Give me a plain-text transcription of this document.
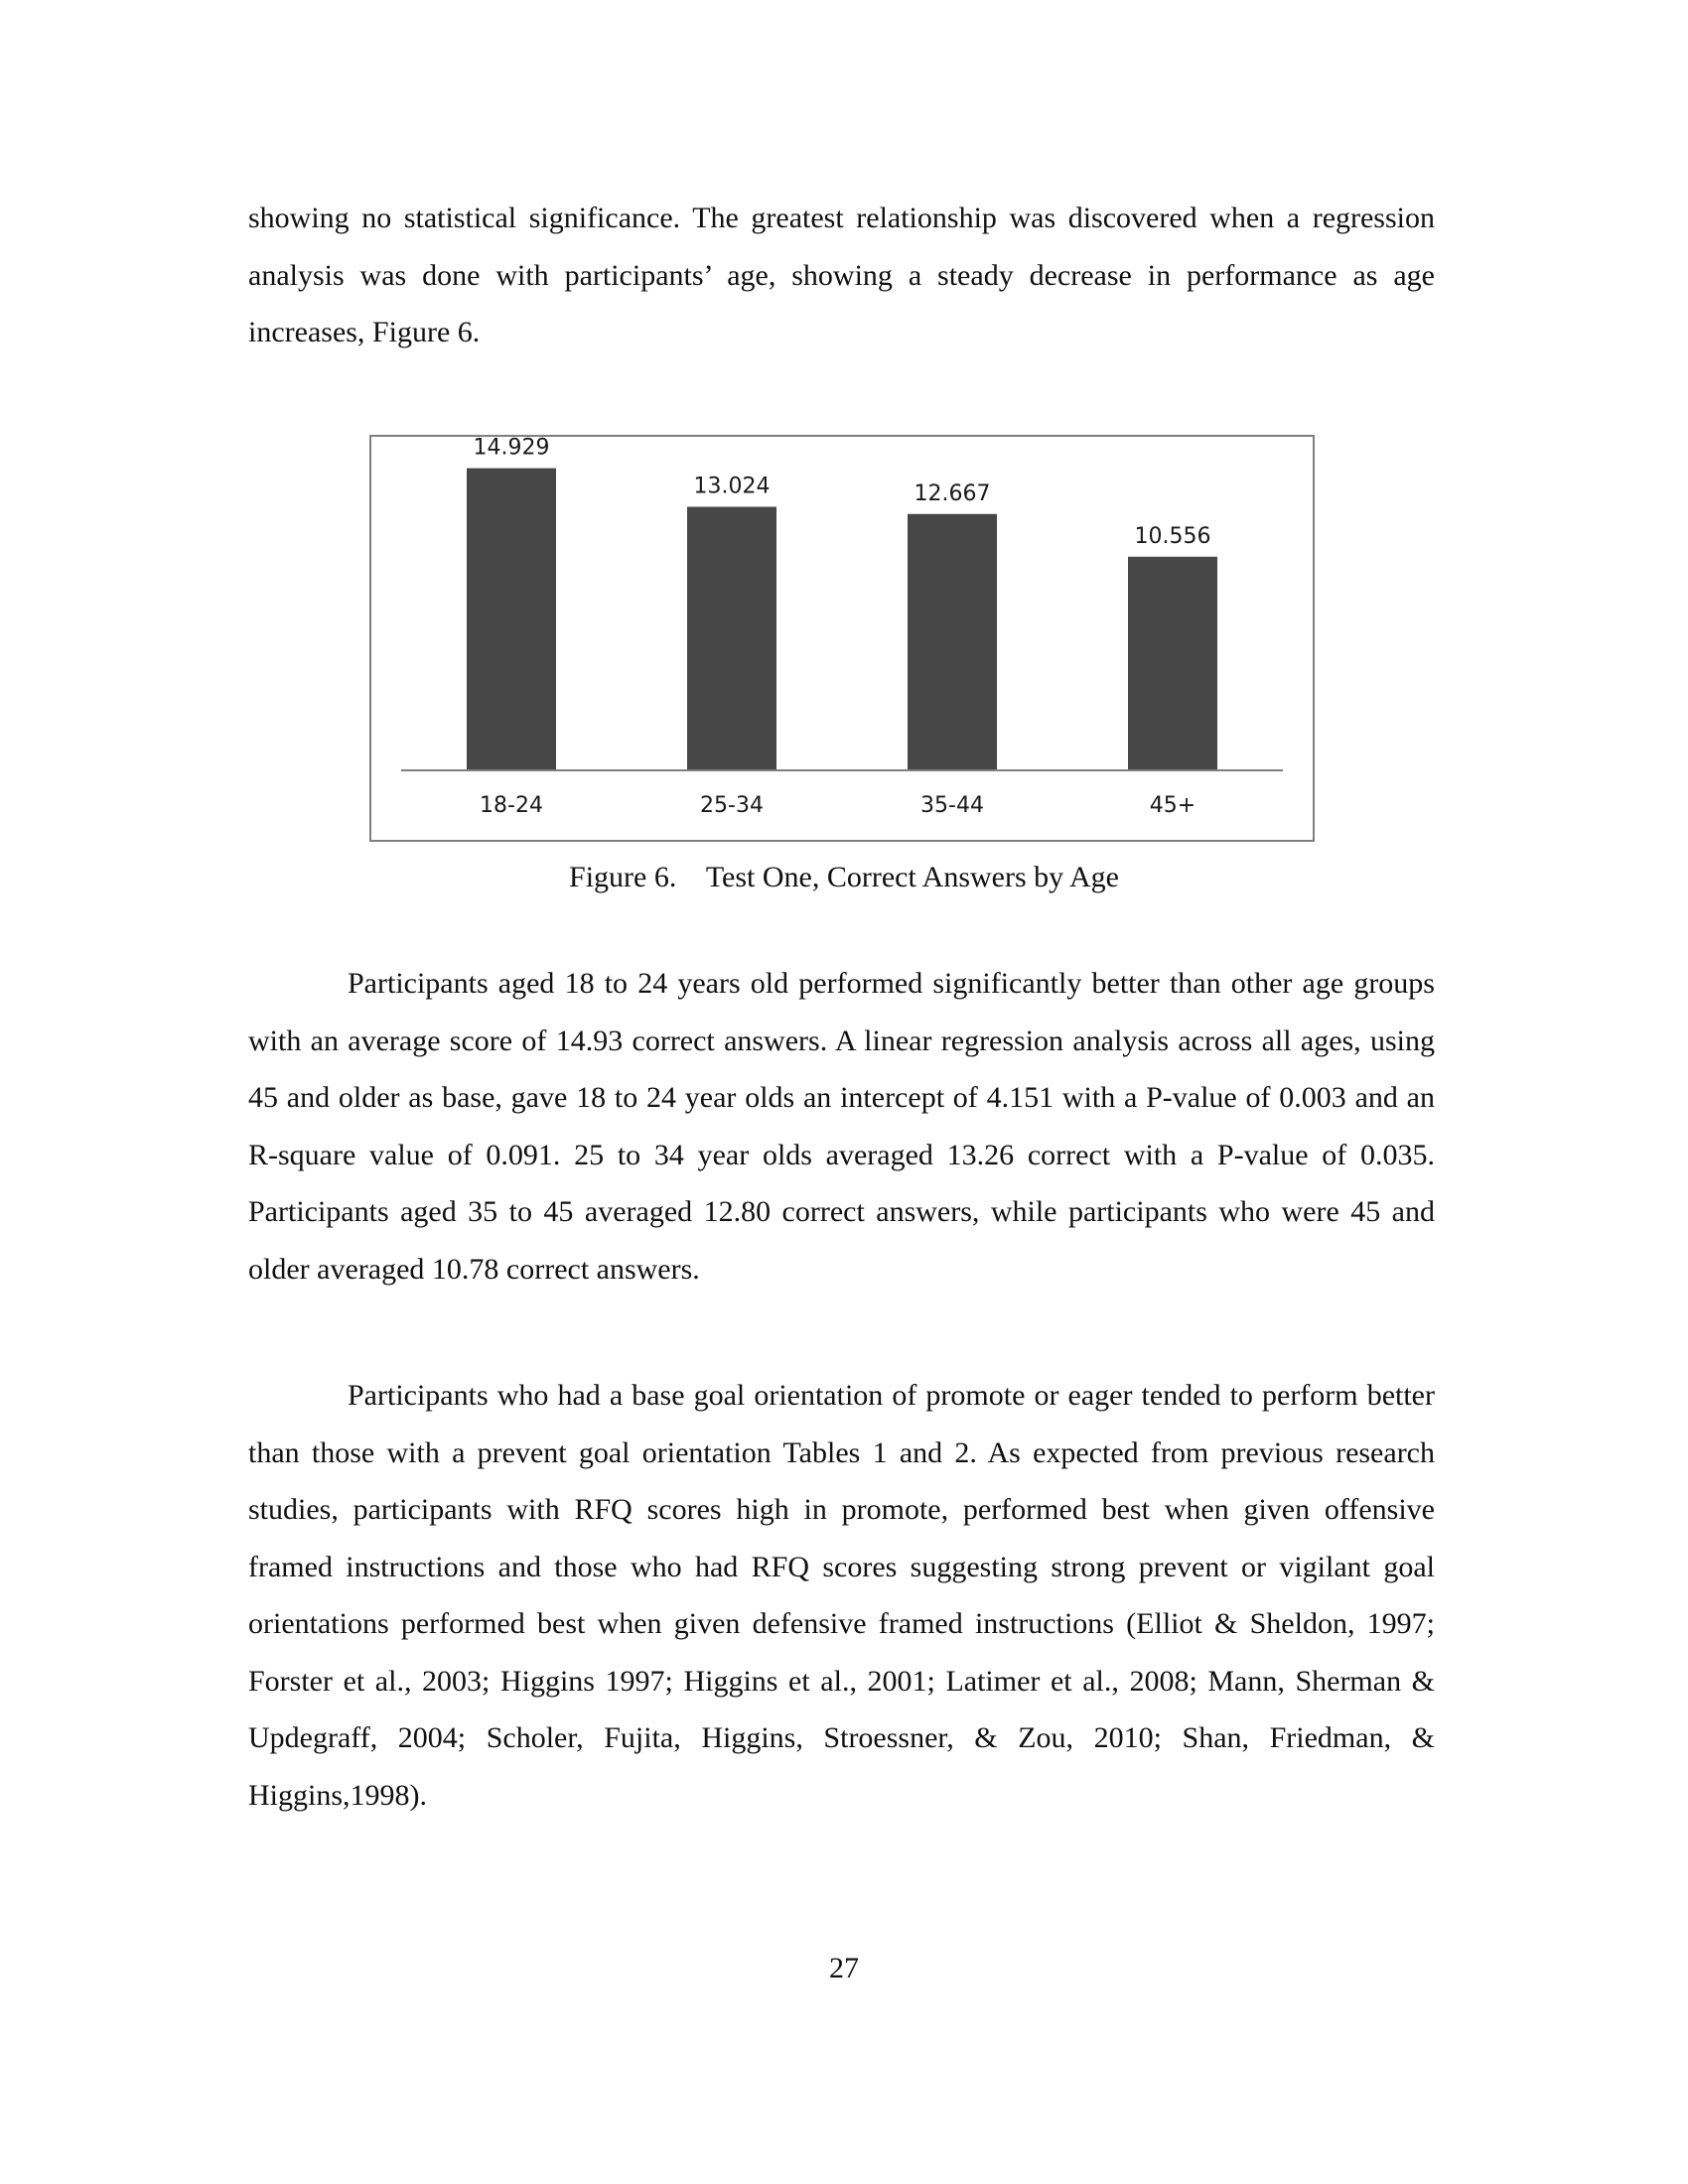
showing no statistical significance. The greatest relationship was discovered when a regression analysis was done with participants’ age, showing a steady decrease in performance as age increases, Figure 6.

14.929
18-24
13.024
25-34
12.667
35-44
10.556
45+
Figure 6.    Test One, Correct Answers by Age

Participants aged 18 to 24 years old performed significantly better than other age groups with an average score of 14.93 correct answers. A linear regression analysis across all ages, using 45 and older as base, gave 18 to 24 year olds an intercept of 4.151 with a P-value of 0.003 and an R-square value of 0.091. 25 to 34 year olds averaged 13.26 correct with a P-value of 0.035. Participants aged 35 to 45 averaged 12.80 correct answers, while participants who were 45 and older averaged 10.78 correct answers.

Participants who had a base goal orientation of promote or eager tended to perform better than those with a prevent goal orientation Tables 1 and 2. As expected from previous research studies, participants with RFQ scores high in promote, performed best when given offensive framed instructions and those who had RFQ scores suggesting strong prevent or vigilant goal orientations performed best when given defensive framed instructions (Elliot & Sheldon, 1997; Forster et al., 2003; Higgins 1997; Higgins et al., 2001; Latimer et al., 2008; Mann, Sherman & Updegraff, 2004; Scholer, Fujita, Higgins, Stroessner, & Zou, 2010; Shan, Friedman, & Higgins,1998).

27
